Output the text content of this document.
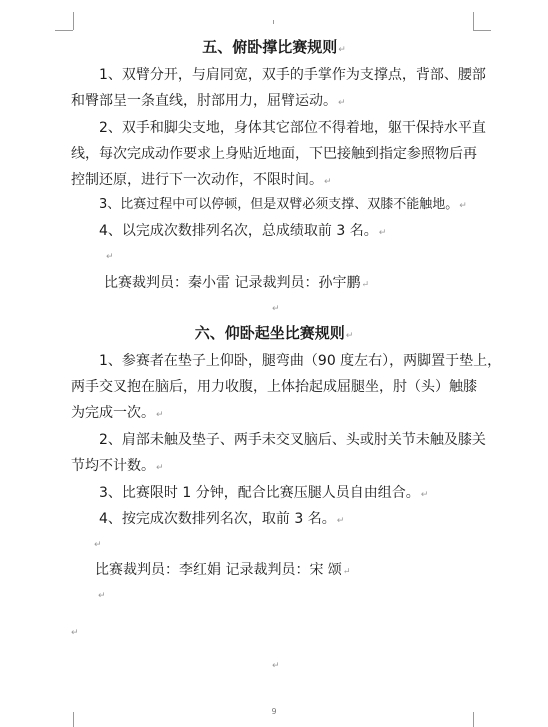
五、俯卧撑比赛规则↵
1、双臂分开，与肩同宽，双手的手掌作为支撑点，背部、腰部
和臀部呈一条直线，肘部用力，屈臂运动。↵
2、双手和脚尖支地，身体其它部位不得着地，躯干保持水平直
线，每次完成动作要求上身贴近地面，下巴接触到指定参照物后再
控制还原，进行下一次动作，不限时间。↵
3、比赛过程中可以停顿，但是双臂必须支撑、双膝不能触地。↵
4、以完成次数排列名次，总成绩取前 3 名。↵
↵
比赛裁判员：秦小雷 记录裁判员：孙宇鹏↵
↵
六、仰卧起坐比赛规则↵
1、参赛者在垫子上仰卧，腿弯曲（90 度左右），两脚置于垫上，
两手交叉抱在脑后，用力收腹，上体抬起成屈腿坐，肘（头）触膝
为完成一次。↵
2、肩部未触及垫子、两手未交叉脑后、头或肘关节未触及膝关
节均不计数。↵
3、比赛限时 1 分钟，配合比赛压腿人员自由组合。↵
4、按完成次数排列名次，取前 3 名。↵
↵
比赛裁判员：李红娟 记录裁判员：宋 颂↵
↵
↵
↵
9
